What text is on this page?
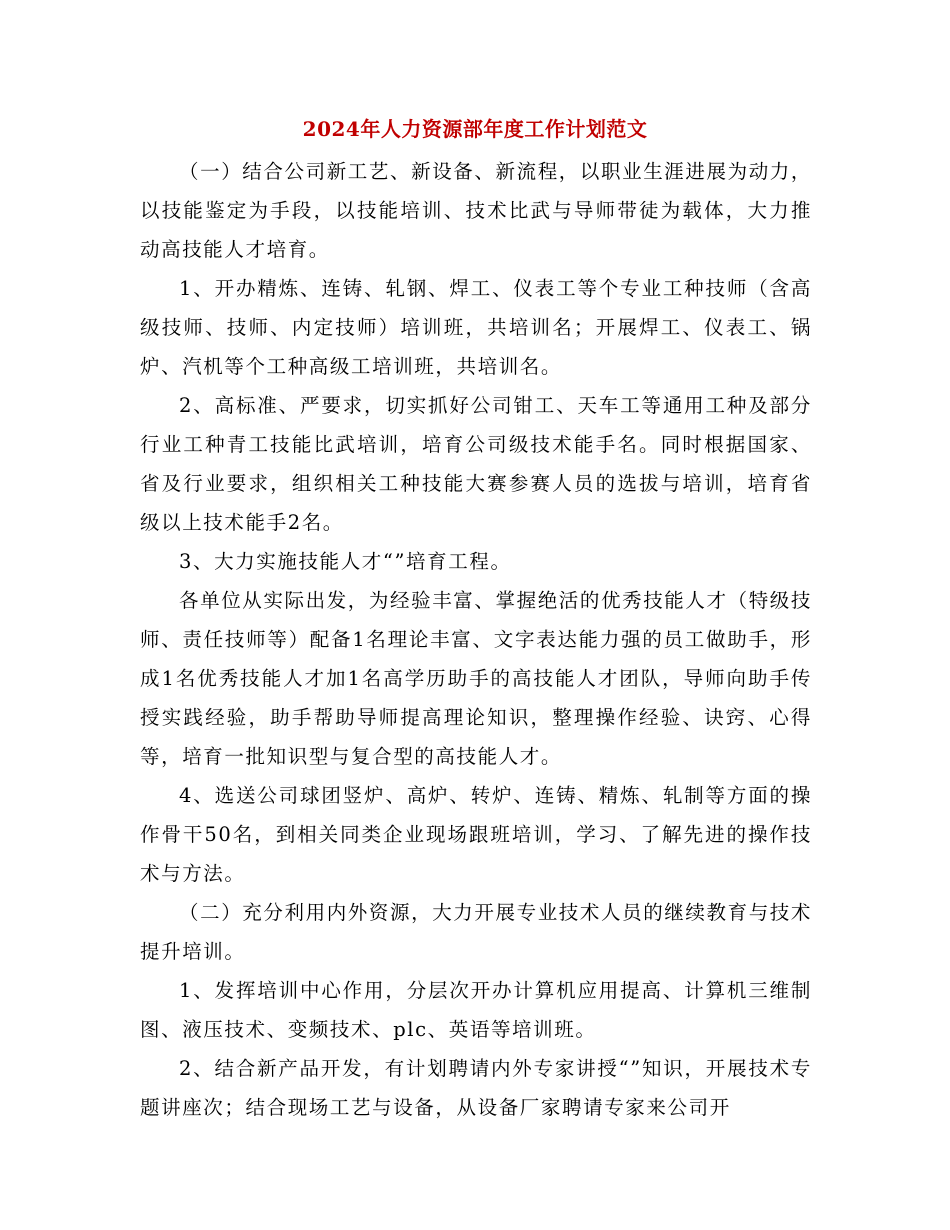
2024年人力资源部年度工作计划范文

（一）结合公司新工艺、新设备、新流程，以职业生涯进展为动力，以技能鉴定为手段，以技能培训、技术比武与导师带徒为载体，大力推动高技能人才培育。

1、开办精炼、连铸、轧钢、焊工、仪表工等个专业工种技师（含高级技师、技师、内定技师）培训班，共培训名；开展焊工、仪表工、锅炉、汽机等个工种高级工培训班，共培训名。

2、高标准、严要求，切实抓好公司钳工、天车工等通用工种及部分行业工种青工技能比武培训，培育公司级技术能手名。同时根据国家、省及行业要求，组织相关工种技能大赛参赛人员的选拔与培训，培育省级以上技术能手2名。

3、大力实施技能人才“”培育工程。

各单位从实际出发，为经验丰富、掌握绝活的优秀技能人才（特级技师、责任技师等）配备1名理论丰富、文字表达能力强的员工做助手，形成1名优秀技能人才加1名高学历助手的高技能人才团队，导师向助手传授实践经验，助手帮助导师提高理论知识，整理操作经验、诀窍、心得等，培育一批知识型与复合型的高技能人才。

4、选送公司球团竖炉、高炉、转炉、连铸、精炼、轧制等方面的操作骨干50名，到相关同类企业现场跟班培训，学习、了解先进的操作技术与方法。

（二）充分利用内外资源，大力开展专业技术人员的继续教育与技术提升培训。

1、发挥培训中心作用，分层次开办计算机应用提高、计算机三维制图、液压技术、变频技术、plc、英语等培训班。

2、结合新产品开发，有计划聘请内外专家讲授“”知识，开展技术专题讲座次；结合现场工艺与设备，从设备厂家聘请专家来公司开
